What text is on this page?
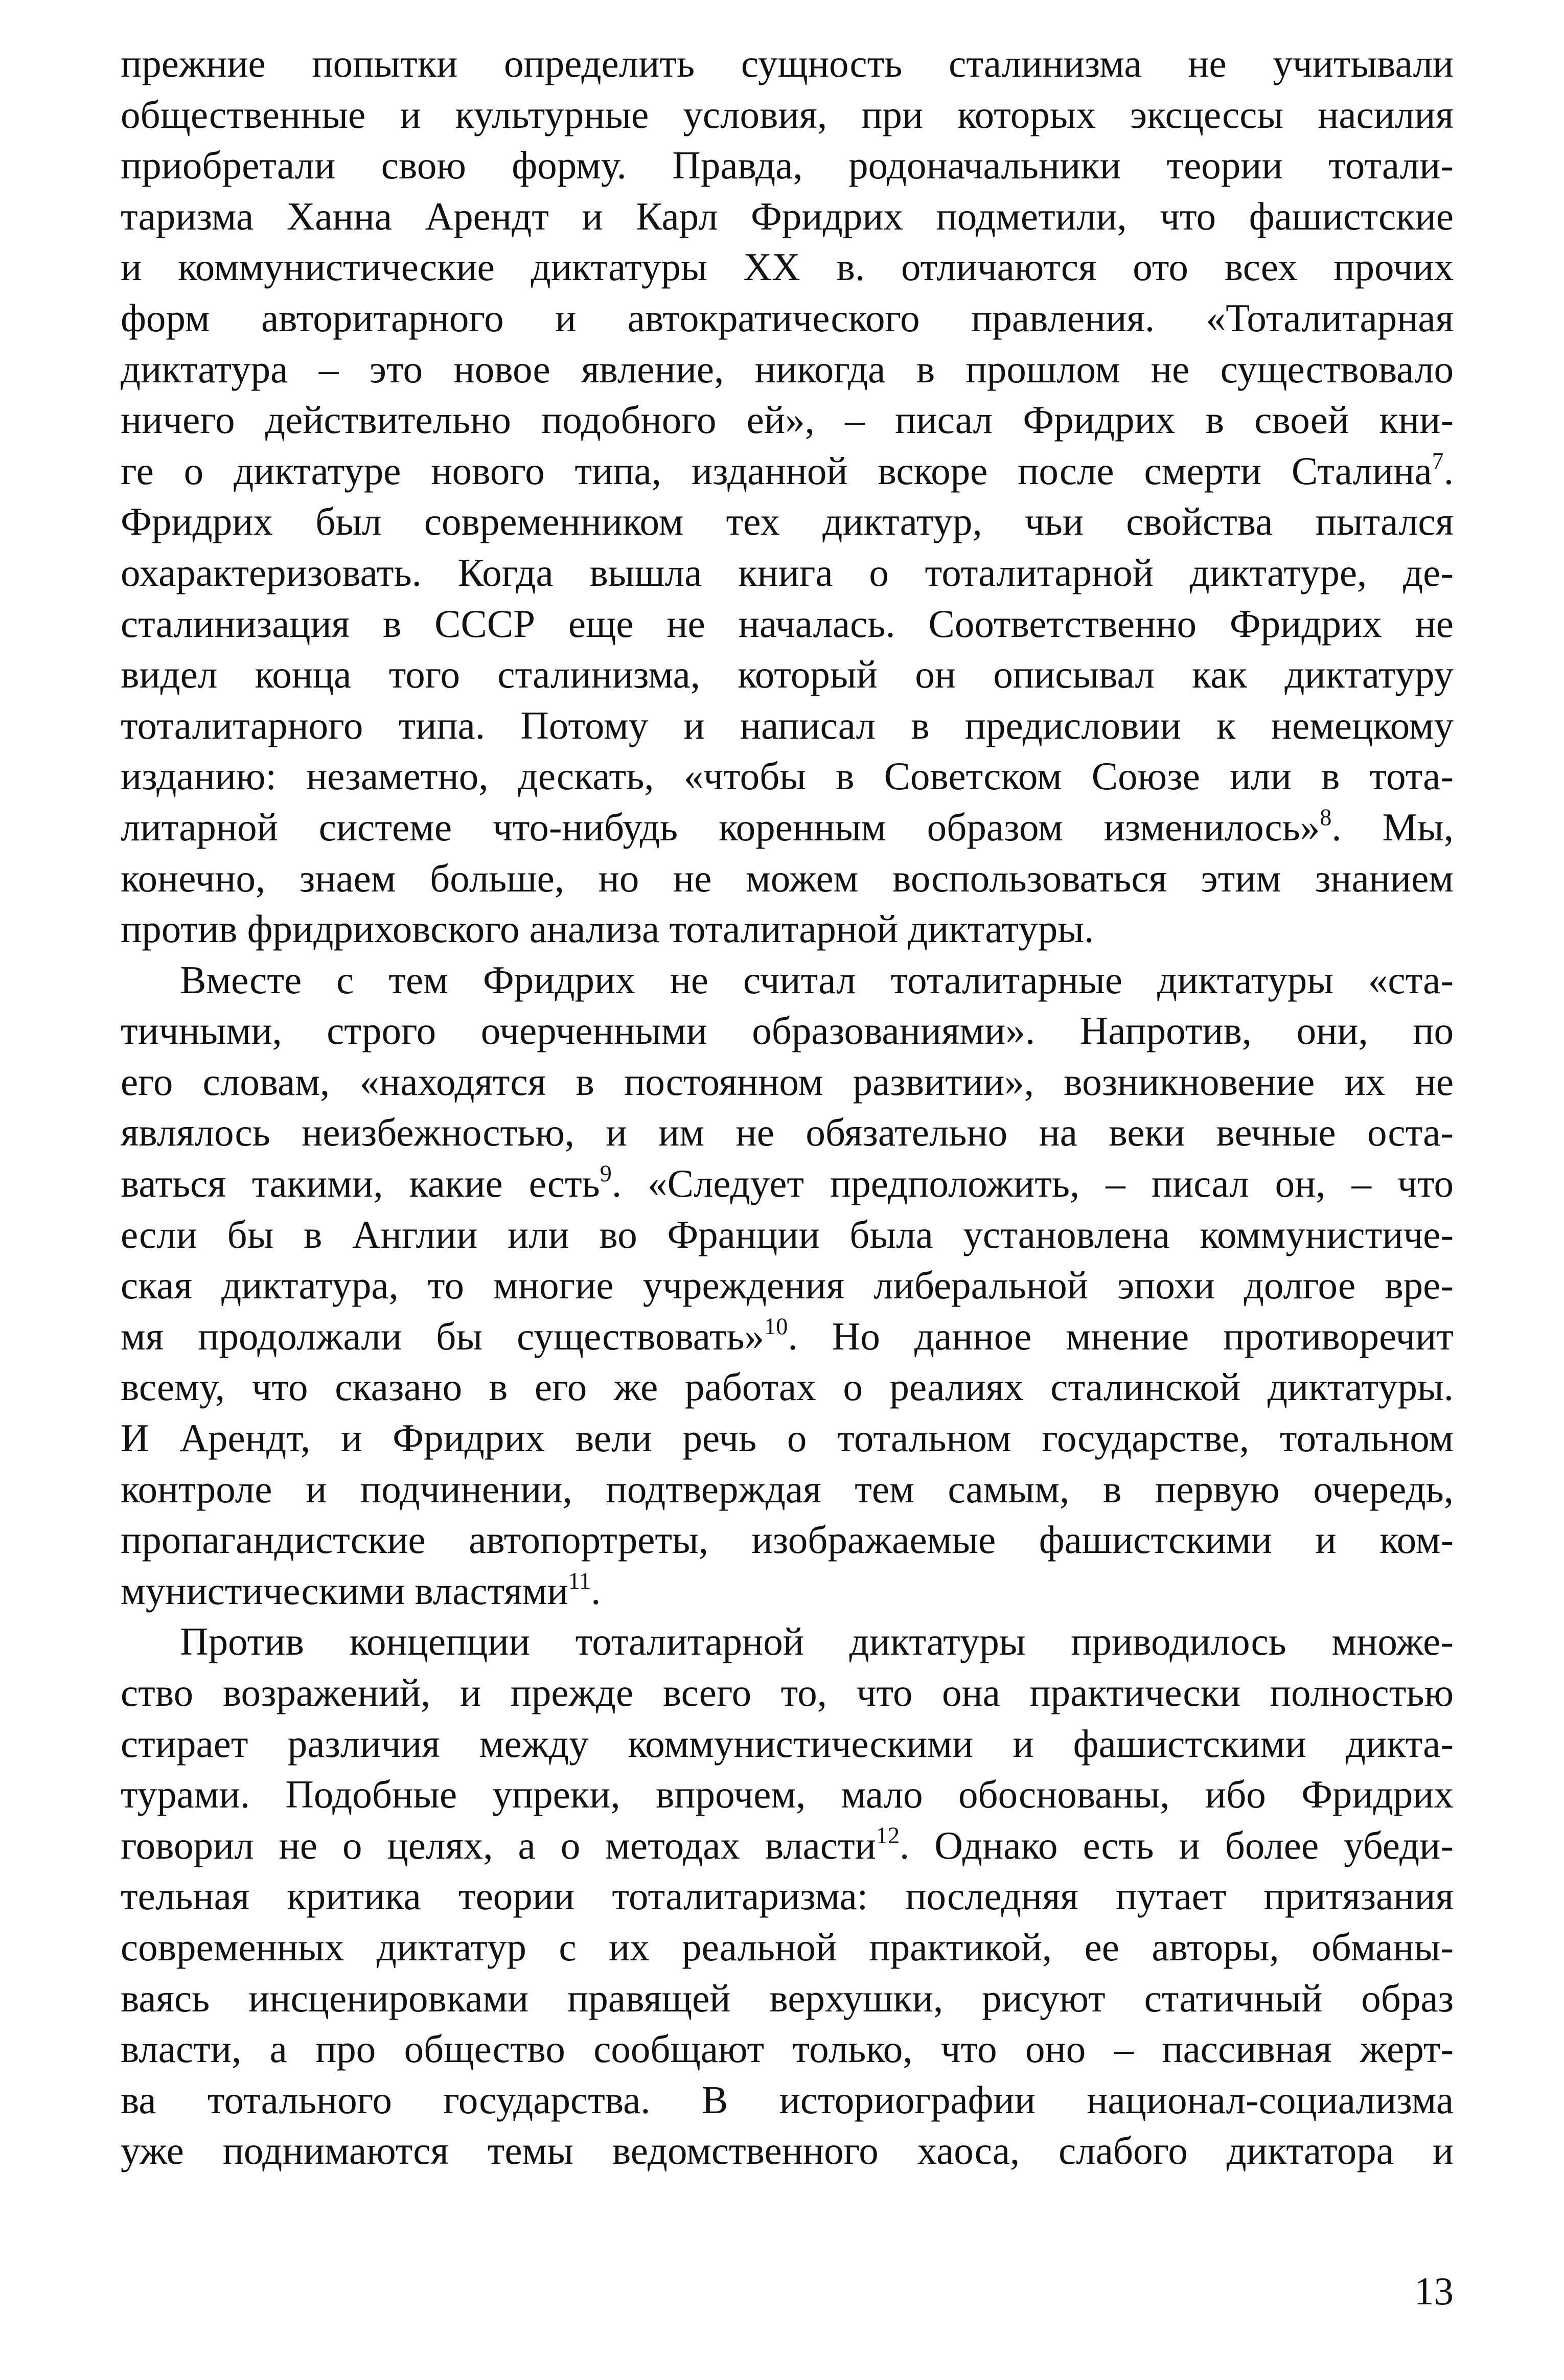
прежние попытки определить сущность сталинизма не учитывали
общественные и культурные условия, при которых эксцессы насилия
приобретали свою форму. Правда, родоначальники теории тотали-
таризма Ханна Арендт и Карл Фридрих подметили, что фашистские
и коммунистические диктатуры XX в. отличаются ото всех прочих
форм авторитарного и автократического правления. «Тоталитарная
диктатура – это новое явление, никогда в прошлом не существовало
ничего действительно подобного ей», – писал Фридрих в своей кни-
ге о диктатуре нового типа, изданной вскоре после смерти Сталина$^7$.
Фридрих был современником тех диктатур, чьи свойства пытался
охарактеризовать. Когда вышла книга о тоталитарной диктатуре, де-
сталинизация в СССР еще не началась. Соответственно Фридрих не
видел конца того сталинизма, который он описывал как диктатуру
тоталитарного типа. Потому и написал в предисловии к немецкому
изданию: незаметно, дескать, «чтобы в Советском Союзе или в тота-
литарной системе что-нибудь коренным образом изменилось»$^8$. Мы,
конечно, знаем больше, но не можем воспользоваться этим знанием
против фридриховского анализа тоталитарной диктатуры.
Вместе с тем Фридрих не считал тоталитарные диктатуры «ста-
тичными, строго очерченными образованиями». Напротив, они, по
его словам, «находятся в постоянном развитии», возникновение их не
являлось неизбежностью, и им не обязательно на веки вечные оста-
ваться такими, какие есть$^9$. «Следует предположить, – писал он, – что
если бы в Англии или во Франции была установлена коммунистиче-
ская диктатура, то многие учреждения либеральной эпохи долгое вре-
мя продолжали бы существовать»$^{10}$. Но данное мнение противоречит
всему, что сказано в его же работах о реалиях сталинской диктатуры.
И Арендт, и Фридрих вели речь о тотальном государстве, тотальном
контроле и подчинении, подтверждая тем самым, в первую очередь,
пропагандистские автопортреты, изображаемые фашистскими и ком-
мунистическими властями$^{11}$.
Против концепции тоталитарной диктатуры приводилось множе-
ство возражений, и прежде всего то, что она практически полностью
стирает различия между коммунистическими и фашистскими дикта-
турами. Подобные упреки, впрочем, мало обоснованы, ибо Фридрих
говорил не о целях, а о методах власти$^{12}$. Однако есть и более убеди-
тельная критика теории тоталитаризма: последняя путает притязания
современных диктатур с их реальной практикой, ее авторы, обманы-
ваясь инсценировками правящей верхушки, рисуют статичный образ
власти, а про общество сообщают только, что оно – пассивная жерт-
ва тотального государства. В историографии национал-социализма
уже поднимаются темы ведомственного хаоса, слабого диктатора и
13
